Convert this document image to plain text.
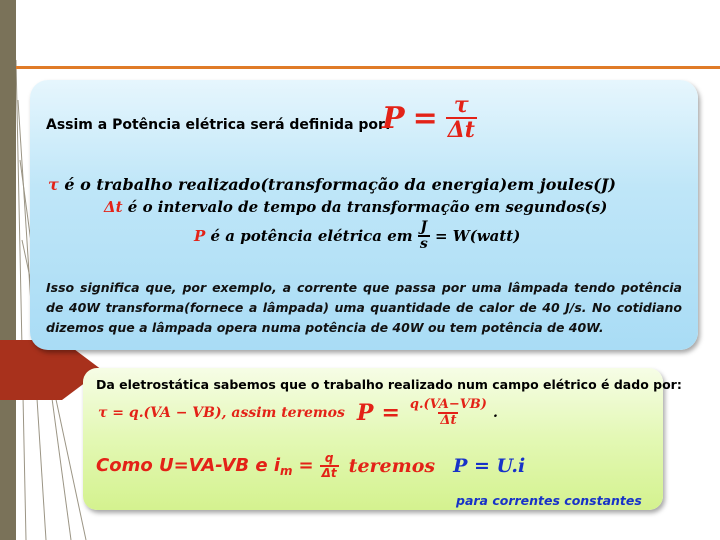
Assim a Potência elétrica será definida por:
$P = \frac{\tau}{\Delta t}$
τ é o trabalho realizado(transformação da energia)em joules(J)
Δt é o intervalo de tempo da transformação em segundos(s)
P é a potência elétrica em $\frac{J}{s}$ = W(watt)
Isso significa que, por exemplo, a corrente que passa por uma lâmpada tendo potência de 40W transforma(fornece a lâmpada) uma quantidade de calor de 40 J/s. No cotidiano dizemos que a lâmpada opera numa potência de 40W ou tem potência de 40W.
Da eletrostática sabemos que o trabalho realizado num campo elétrico é dado por:
τ = q.(VA − VB), assim teremos $P = \frac{q.(VA-VB)}{\Delta t}$ .
Como U=VA-VB e i $m = \frac{q}{\Delta t}$ teremos P = U.i
para correntes constantes
